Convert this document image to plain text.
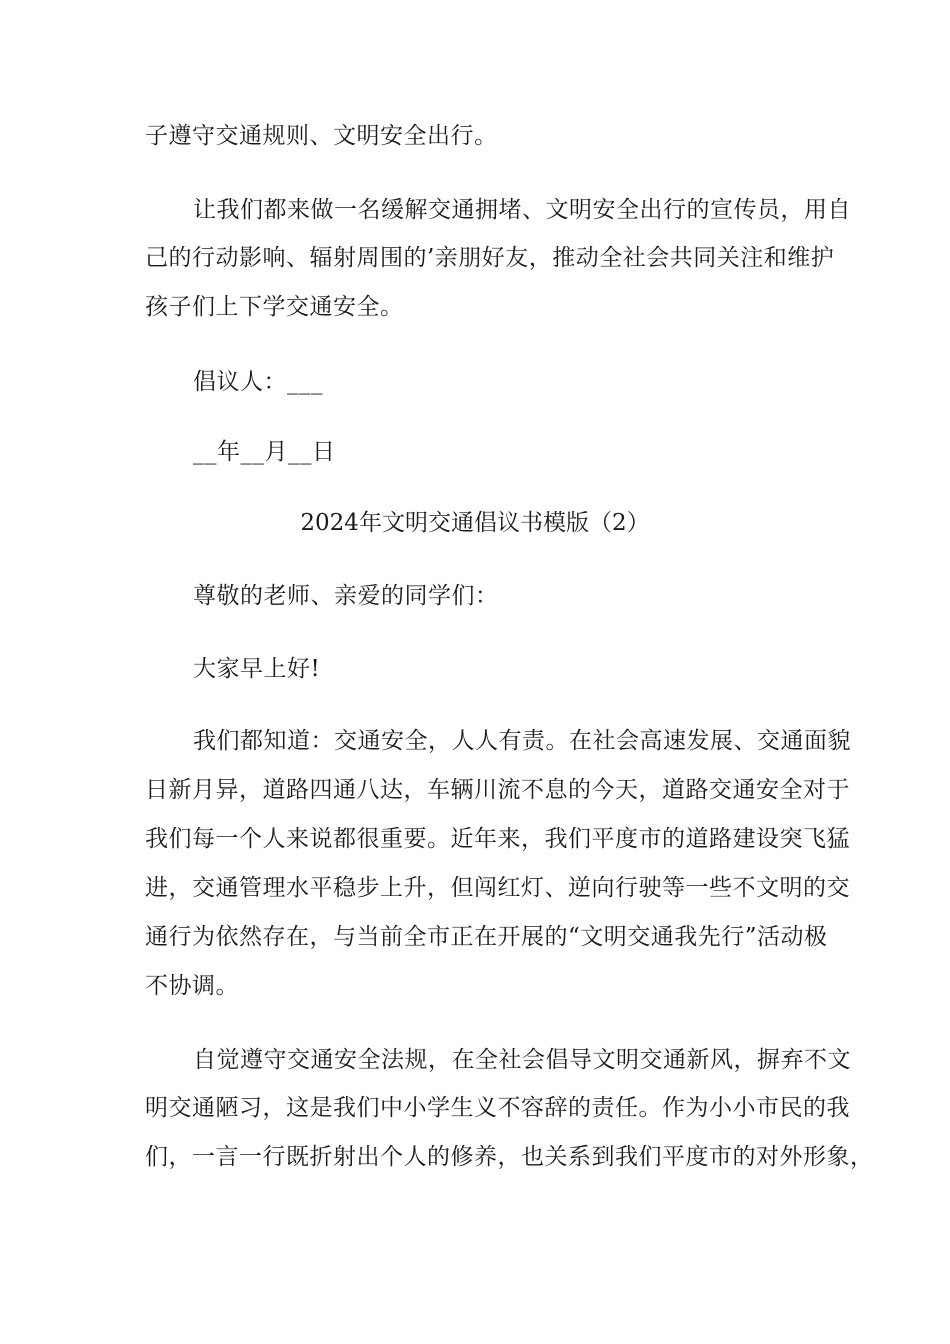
子遵守交通规则、文明安全出行。
让我们都来做一名缓解交通拥堵、文明安全出行的宣传员，用自
己的行动影响、辐射周围的’亲朋好友，推动全社会共同关注和维护
孩子们上下学交通安全。
倡议人：___
__年__月__日
2024年文明交通倡议书模版（2）
尊敬的老师、亲爱的同学们：
大家早上好!
我们都知道：交通安全，人人有责。在社会高速发展、交通面貌
日新月异，道路四通八达，车辆川流不息的今天，道路交通安全对于
我们每一个人来说都很重要。近年来，我们平度市的道路建设突飞猛
进，交通管理水平稳步上升，但闯红灯、逆向行驶等一些不文明的交
通行为依然存在，与当前全市正在开展的“文明交通我先行”活动极
不协调。
自觉遵守交通安全法规，在全社会倡导文明交通新风，摒弃不文
明交通陋习，这是我们中小学生义不容辞的责任。作为小小市民的我
们，一言一行既折射出个人的修养，也关系到我们平度市的对外形象，
